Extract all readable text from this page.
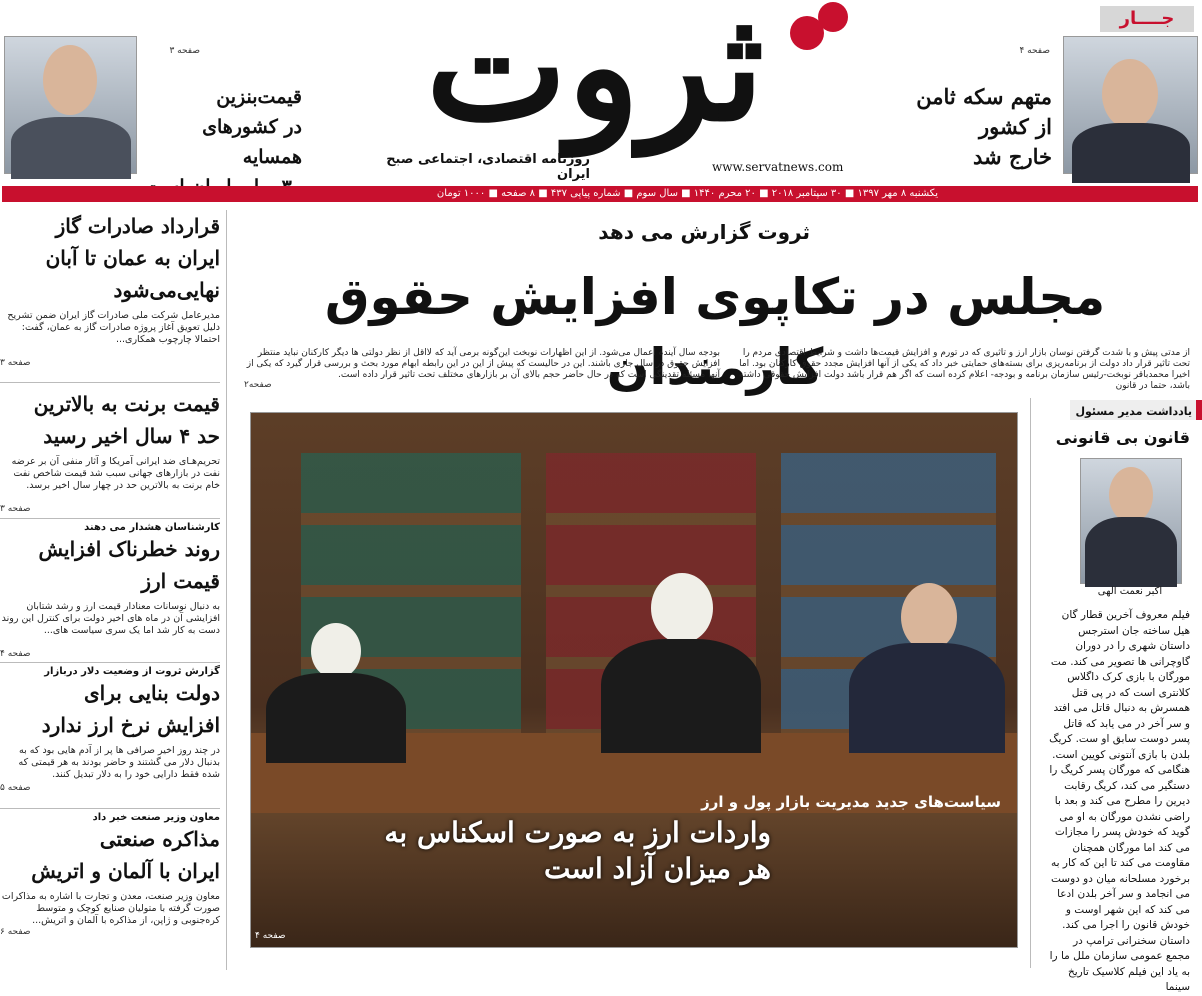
صفحه ۴
متهم سکه ثامن
از کشور
خارج شد
جــــار
ثروت
روزنامه اقتصادی، اجتماعی صبح ایران	www.servatnews.com
صفحه ۳
قیمت‌بنزین
در کشورهای همسایه
یکشنبه ۸ مهر ۱۳۹۷ ■ ۳۰ سپتامبر ۲۰۱۸ ■ ۲۰ محرم ۱۴۴۰ ■ سال سوم ■ شماره پیاپی ۴۳۷ ■ ۸ صفحه ■ ۱۰۰۰ تومان
ثروت گزارش می دهد
مجلس در تکاپوی افزایش حقوق کارمندان
از مدتی پیش و با شدت گرفتن نوسان بازار ارز و تاثیری که در تورم و افزایش قیمت‌ها داشت و شرایط اقتصادی مردم را تحت تاثیر قرار داد دولت از برنامه‌ریزی برای بسته‌های حمایتی خبر داد که یکی از آنها افزایش مجدد حقوق کارکنان بود. اما اخیرا محمدباقر نوبخت-رئیس سازمان برنامه و بودجه- اعلام کرده است که اگر هم قرار باشد دولت افزایش حقوقی داشته باشد، حتما در قانون
بودجه سال آینده اعمال می‌شود. از این اظهارات نوبخت این‌گونه برمی آید که لااقل از نظر دولتی ها دیگر کارکنان نباید منتظر افزایش حقوق در سال جاری باشند. این در حالیست که پیش از این در این رابطه ابهام مورد بحث و بررسی قرار گیرد که یکی از آنها مسئله تقدینگی است که در حال حاضر حجم بالای آن بر بازارهای مختلف تحت تاثیر قرار داده است.
صفحه۲
سیاست‌های جدید مدیریت بازار پول و ارز
واردات ارز به صورت اسکناس به هر میزان آزاد است
صفحه ۴
یادداشت مدیر مسئول
قانون بی قانونی
اکبر نعمت الهی
فیلم معروف آخرین قطار گان هیل ساخته جان استرجس داستان شهری را در دوران گاوچرانی ها تصویر می کند. مت مورگان با بازی کرک داگلاس کلانتری است که در پی قتل همسرش به دنبال قاتل می افتد و سر آخر در می یابد که قاتل پسر دوست سابق او ست. کریگ بلدن با بازی آنتونی کویین است. هنگامی که مورگان پسر کریگ را دستگیر می کند، کریگ رقابت دیرین را مطرح می کند و بعد با راضی نشدن مورگان به او می گوید که خودش پسر را مجازات می کند اما مورگان همچنان مقاومت می کند تا این که کار به برخورد مسلحانه میان دو دوست می انجامد و سر آخر بلدن ادعا می کند که این شهر اوست و خودش قانون را اجرا می کند. داستان سخنرانی ترامپ در مجمع عمومی سازمان ملل ما را به یاد این فیلم کلاسیک تاریخ سینما
قرارداد صادرات گاز
ایران به عمان تا آبان
نهایی‌می‌شود
مدیرعامل شرکت ملی صادرات گاز ایران ضمن تشریح دلیل تعویق آغاز پروژه صادرات گاز به عمان، گفت: احتمالا چارچوب همکاری...
صفحه ۳
قیمت برنت به بالاترین
حد ۴ سال اخیر رسید
تحریم‌هـای ضد ایرانی آمریکا و آثار منفی آن بر عرضه نفت در بازارهای جهانی سبب شد قیمت شاخص نفت خام برنت به بالاترین حد در چهار سال اخیر برسد.
صفحه ۳
کارشناسان هشدار می دهند
روند خطرناک افزایش
قیمت ارز
به دنبال نوسانات معنادار قیمت ارز و رشد شتابان افزایشی آن در ماه های اخیر دولت برای کنترل این روند دست به کار شد اما یک سری سیاست های...
صفحه ۴
گزارش ثروت از وضعیت دلار دربازار
دولت بنایی برای
افزایش نرخ ارز ندارد
در چند روز اخیر صرافی ها پر از آدم هایی بود که به بدنبال دلار می گشتند و حاضر بودند به هر قیمتی که شده فقط دارایی خود را به دلار تبدیل کنند.
صفحه ۵
معاون وزیر صنعت خبر داد
مذاکره صنعتی
ایران با آلمان و اتریش
معاون وزیر صنعت، معدن و تجارت با اشاره به مذاکرات صورت گرفته با متولیان صنایع کوچک و متوسط کره‌جنوبی و ژاپن، از مذاکره با آلمان و اتریش...
صفحه ۶
